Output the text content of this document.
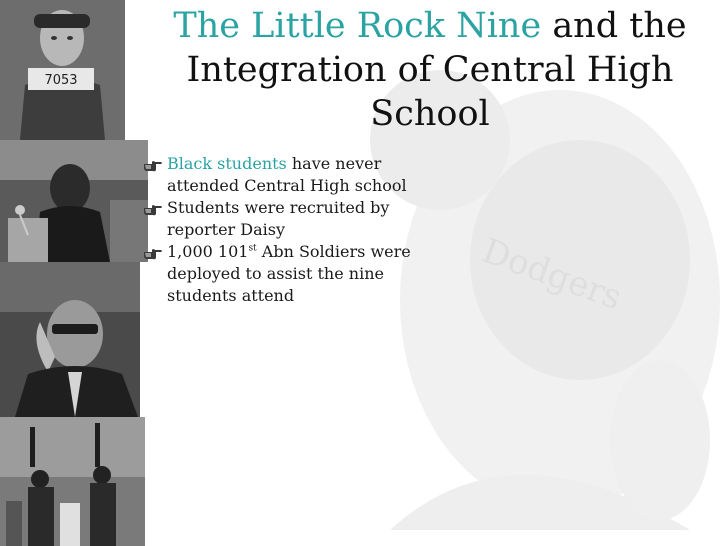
Dodgers
7053
The Little Rock Nine and the
Integration of Central High
School
Black students have never attended Central High school
Students were recruited by reporter Daisy
1,000 101st Abn Soldiers were deployed to assist the nine students attend
